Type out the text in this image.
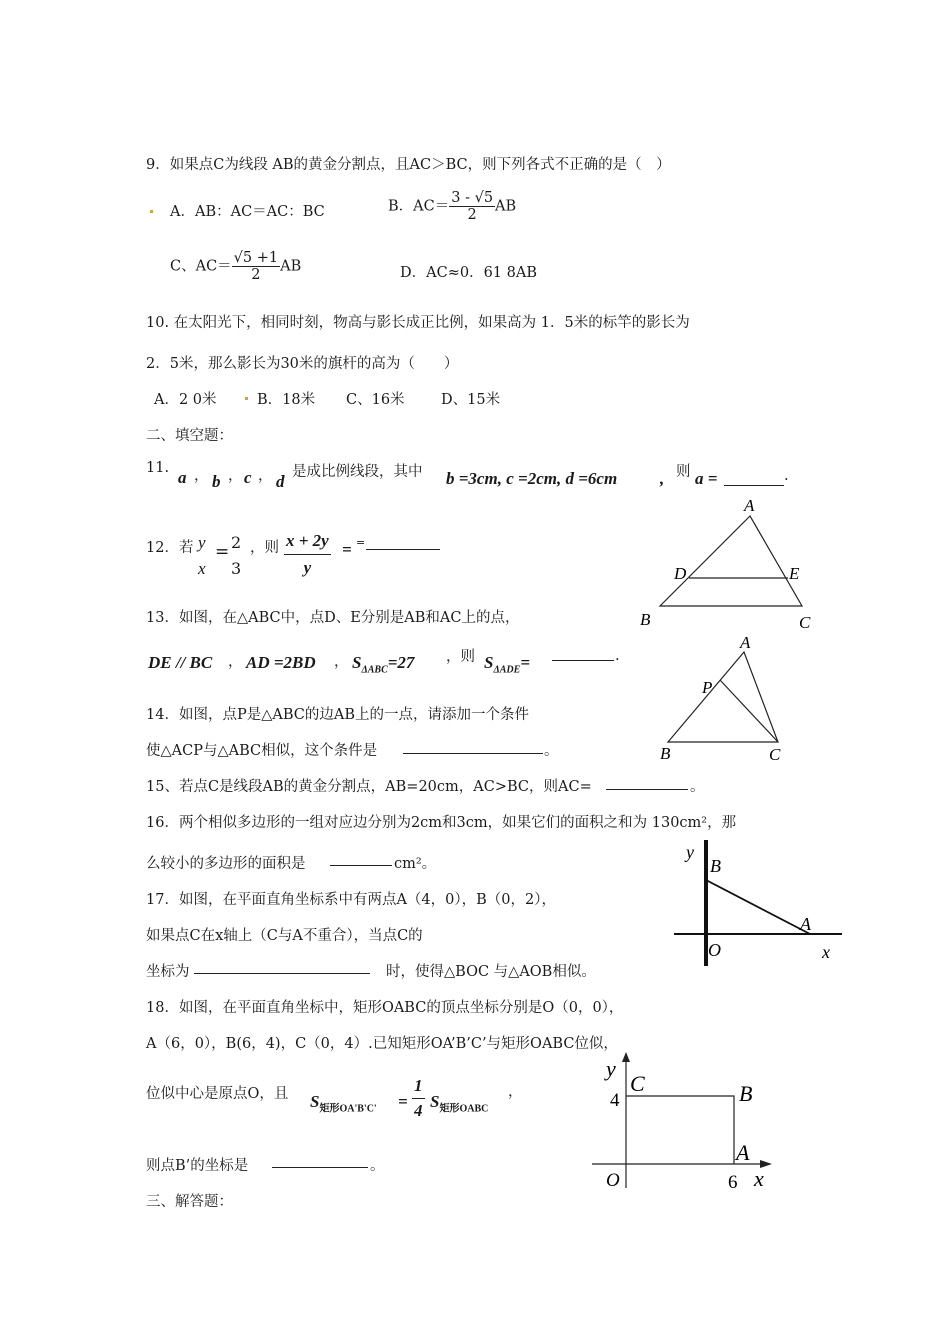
9．如果点C为线段 AB的黄金分割点，且AC＞BC，则下列各式不正确的是（　）
A．AB：AC＝AC：BC	B．$AC= \frac{3 - √5}{2}$ AB
C、$AC= \frac{√5 +1}{2}$ AB	D．AC≈0．61 8AB
10. 在太阳光下，相同时刻，物高与影长成正比例，如果高为 1．5米的标竿的影长为
2．5米，那么影长为30米的旗杆的高为（　　）
A．2 0米	B．18米 C、16米	D、15米
二、填空题：
11. a ， b ， c ， d 是成比例线段，其中 b =3cm, c =2cm, d =6cm	, 则 a =	.
12．若 y
x
= 2
3
，则 $\frac{x + 2y}{y}$ = =
A
B	C
D	E
13．如图，在△ABC中，点D、E分别是AB和AC上的点，
DE // BC ， AD =2BD ， $S_{\Delta ABC}=27$ ，则 $S_{\Delta ADE}=$	.
A
B	C
P
14．如图，点P是△ABC的边AB上的一点，请添加一个条件
使△ACP与△ABC相似，这个条件是	。
15、若点C是线段AB的黄金分割点，AB=20cm，AC>BC，则AC=	。
16．两个相似多边形的一组对应边分别为2cm和3cm，如果它们的面积之和为 130cm²，那
么较小的多边形的面积是	cm²。
y
B
A
O	x
17．如图，在平面直角坐标系中有两点A（4，0），B（0，2），
如果点C在x轴上（C与A不重合），当点C的
坐标为	时，使得△BOC 与△AOB相似。
18．如图，在平面直角坐标中，矩形OABC的顶点坐标分别是O（0，0），
A（6，0），B(6，4)，C（0，4）.已知矩形OA’B’C’与矩形OABC位似，
位似中心是原点O，且 $S_{矩形OA'B'C'} = \frac{1}{4} S_{矩形OABC}$
，
则点B’的坐标是	。
y
C
4	B
A
O	6 x
三、解答题：
